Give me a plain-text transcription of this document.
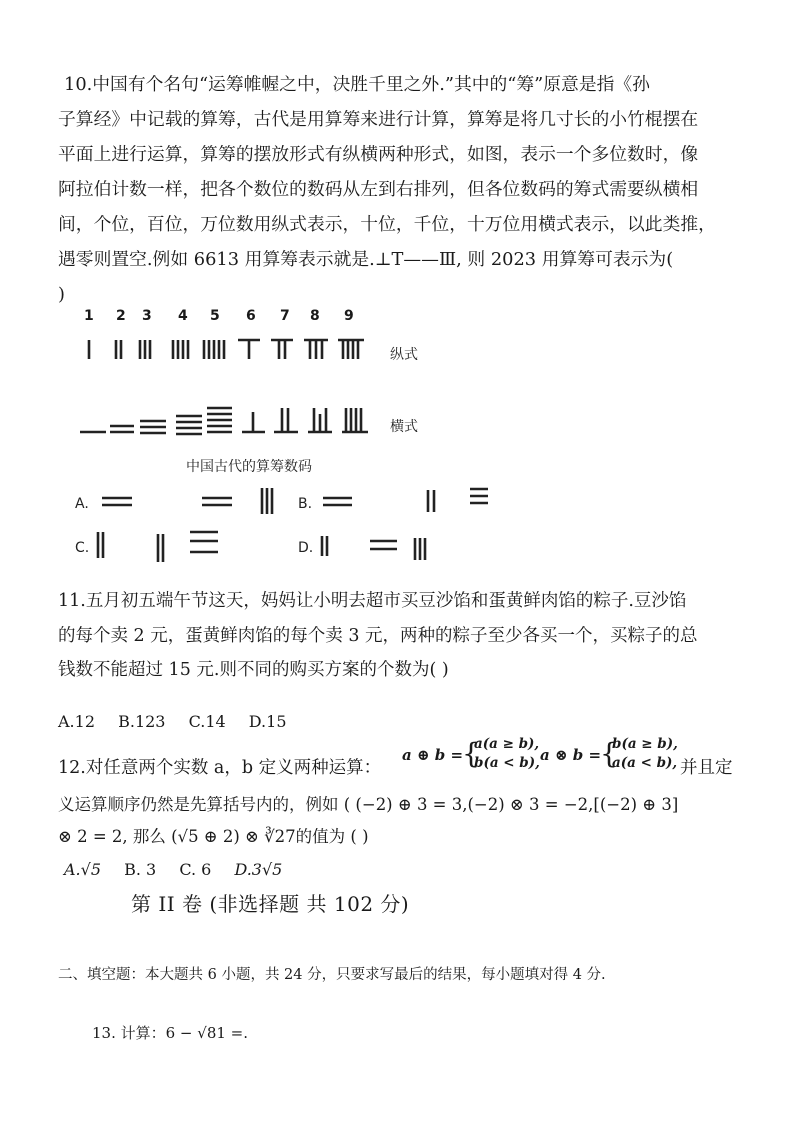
10.中国有个名句“运筹帷幄之中，决胜千里之外.”其中的“筹”原意是指《孙
子算经》中记载的算筹，古代是用算筹来进行计算，算筹是将几寸长的小竹棍摆在
平面上进行运算，算筹的摆放形式有纵横两种形式，如图，表示一个多位数时，像
阿拉伯计数一样，把各个数位的数码从左到右排列，但各位数码的筹式需要纵横相
间，个位，百位，万位数用纵式表示，十位，千位，十万位用横式表示，以此类推，
遇零则置空.例如 6613 用算筹表示就是.⊥T——Ⅲ, 则 2023 用算筹可表示为(
)
1 2 3 4 5 6 7 8 9
纵式
横式
中国古代的算筹数码
A.	B.
C.	D.
11.五月初五端午节这天，妈妈让小明去超市买豆沙馅和蛋黄鲜肉馅的粽子.豆沙馅
的每个卖 2 元，蛋黄鲜肉馅的每个卖 3 元，两种的粽子至少各买一个，买粽子的总
钱数不能超过 15 元.则不同的购买方案的个数为( )
A.12 B.123 C.14 D.15
12.对任意两个实数 a，b 定义两种运算：
a ⊕ b =
{
a(a ≥ b),
b(a < b), a ⊗ b =
{
b(a ≥ b),
a(a < b), 并且定
义运算顺序仍然是先算括号内的，例如 ( (−2) ⊕ 3 = 3,(−2) ⊗ 3 = −2,[(−2) ⊕ 3]
⊗ 2 = 2, 那么 (√5 ⊕ 2) ⊗ ∛27的值为 ( )
A.√5 B. 3 C. 6 D.3√5
第 II 卷 (非选择题 共 102 分)
二、填空题：本大题共 6 小题，共 24 分，只要求写最后的结果，每小题填对得 4 分.
13. 计算：6 − √81 =.
